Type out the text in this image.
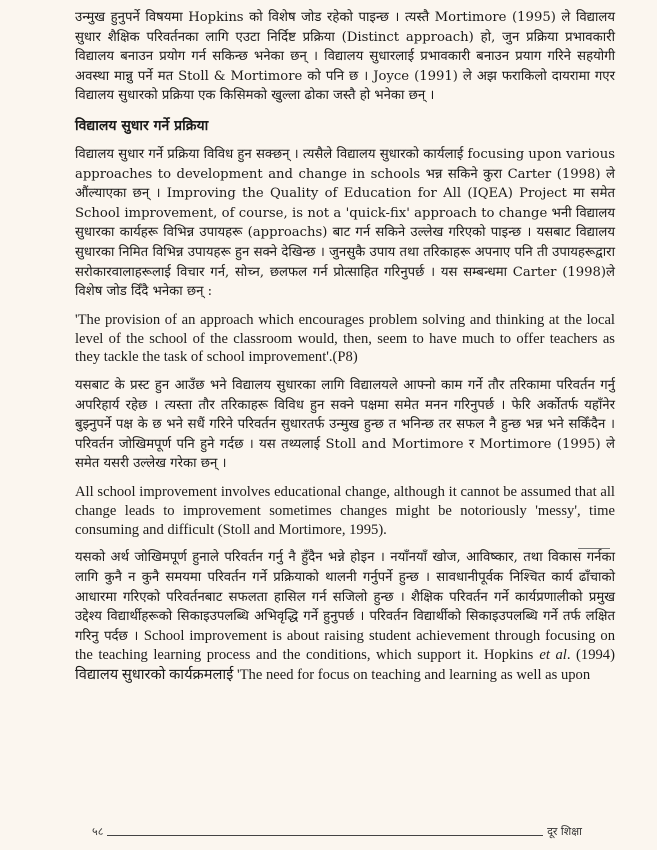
उन्मुख हुनुपर्ने विषयमा Hopkins को विशेष जोड रहेको पाइन्छ । त्यस्तै Mortimore (1995) ले विद्यालय सुधार शैक्षिक परिवर्तनका लागि एउटा निर्दिष्ट प्रक्रिया (Distinct approach) हो, जुन प्रक्रिया प्रभावकारी विद्यालय बनाउन प्रयोग गर्न सकिन्छ भनेका छन् । विद्यालय सुधारलाई प्रभावकारी बनाउन प्रयाग गरिने सहयोगी अवस्था मान्नु पर्ने मत Stoll & Mortimore को पनि छ । Joyce (1991) ले अझ फराकिलो दायरामा गएर विद्यालय सुधारको प्रक्रिया एक किसिमको खुल्ला ढोका जस्तै हो भनेका छन् ।

विद्यालय सुधार गर्ने प्रक्रिया

विद्यालय सुधार गर्ने प्रक्रिया विविध हुन सक्छन् । त्यसैले विद्यालय सुधारको कार्यलाई focusing upon various approaches to development and change in schools भन्न सकिने कुरा Carter (1998) ले औंल्याएका छन् । Improving the Quality of Education for All (IQEA) Project मा समेत School improvement, of course, is not a 'quick-fix' approach to change भनी विद्यालय सुधारका कार्यहरू विभिन्न उपायहरू (approachs) बाट गर्न सकिने उल्लेख गरिएको पाइन्छ । यसबाट विद्यालय सुधारका निमित विभिन्न उपायहरू हुन सक्ने देखिन्छ । जुनसुकै उपाय तथा तरिकाहरू अपनाए पनि ती उपायहरूद्वारा सरोकारवालाहरूलाई विचार गर्न, सोच्न, छलफल गर्न प्रोत्साहित गरिनुपर्छ । यस सम्बन्धमा Carter (1998)ले विशेष जोड दिँदै भनेका छन् :

'The provision of an approach which encourages problem solving and thinking at the local level of the school of the classroom would, then, seem to have much to offer teachers as they tackle the task of school improvement'.(P8)

यसबाट के प्रस्ट हुन आउँछ भने विद्यालय सुधारका लागि विद्यालयले आफ्नो काम गर्ने तौर तरिकामा परिवर्तन गर्नु अपरिहार्य रहेछ । त्यस्ता तौर तरिकाहरू विविध हुन सक्ने पक्षमा समेत मनन गरिनुपर्छ । फेरि अर्कोतर्फ यहाँनेर बुझ्नुपर्ने पक्ष के छ भने सधैं गरिने परिवर्तन सुधारतर्फ उन्मुख हुन्छ त भनिन्छ तर सफल नै हुन्छ भन्न भने सकिँदैन । परिवर्तन जोखिमपूर्ण पनि हुने गर्दछ । यस तथ्यलाई Stoll and Mortimore र Mortimore (1995) ले समेत यसरी उल्लेख गरेका छन् ।

All school improvement involves educational change, although it cannot be assumed that all change leads to improvement sometimes changes might be notoriously 'messy', time consuming and difficult (Stoll and Mortimore, 1995).

यसको अर्थ जोखिमपूर्ण हुनाले परिवर्तन गर्नु नै हुँदैन भन्ने होइन । नयाँनयाँ खोज, आविष्कार, तथा विकास गर्नका लागि कुनै न कुनै समयमा परिवर्तन गर्ने प्रक्रियाको थालनी गर्नुपर्ने हुन्छ । सावधानीपूर्वक निश्चित कार्य ढाँचाको आधारमा गरिएको परिवर्तनबाट सफलता हासिल गर्न सजिलो हुन्छ । शैक्षिक परिवर्तन गर्ने कार्यप्रणालीको प्रमुख उद्देश्य विद्यार्थीहरूको सिकाइउपलब्धि अभिवृद्धि गर्ने हुनुपर्छ । परिवर्तन विद्यार्थीको सिकाइउपलब्धि गर्ने तर्फ लक्षित गरिनु पर्दछ । School improvement is about raising student achievement through focusing on the teaching learning process and the conditions, which support it. Hopkins et al. (1994) विद्यालय सुधारको कार्यक्रमलाई 'The need for focus on teaching and learning as well as upon

५८	दूर शिक्षा
